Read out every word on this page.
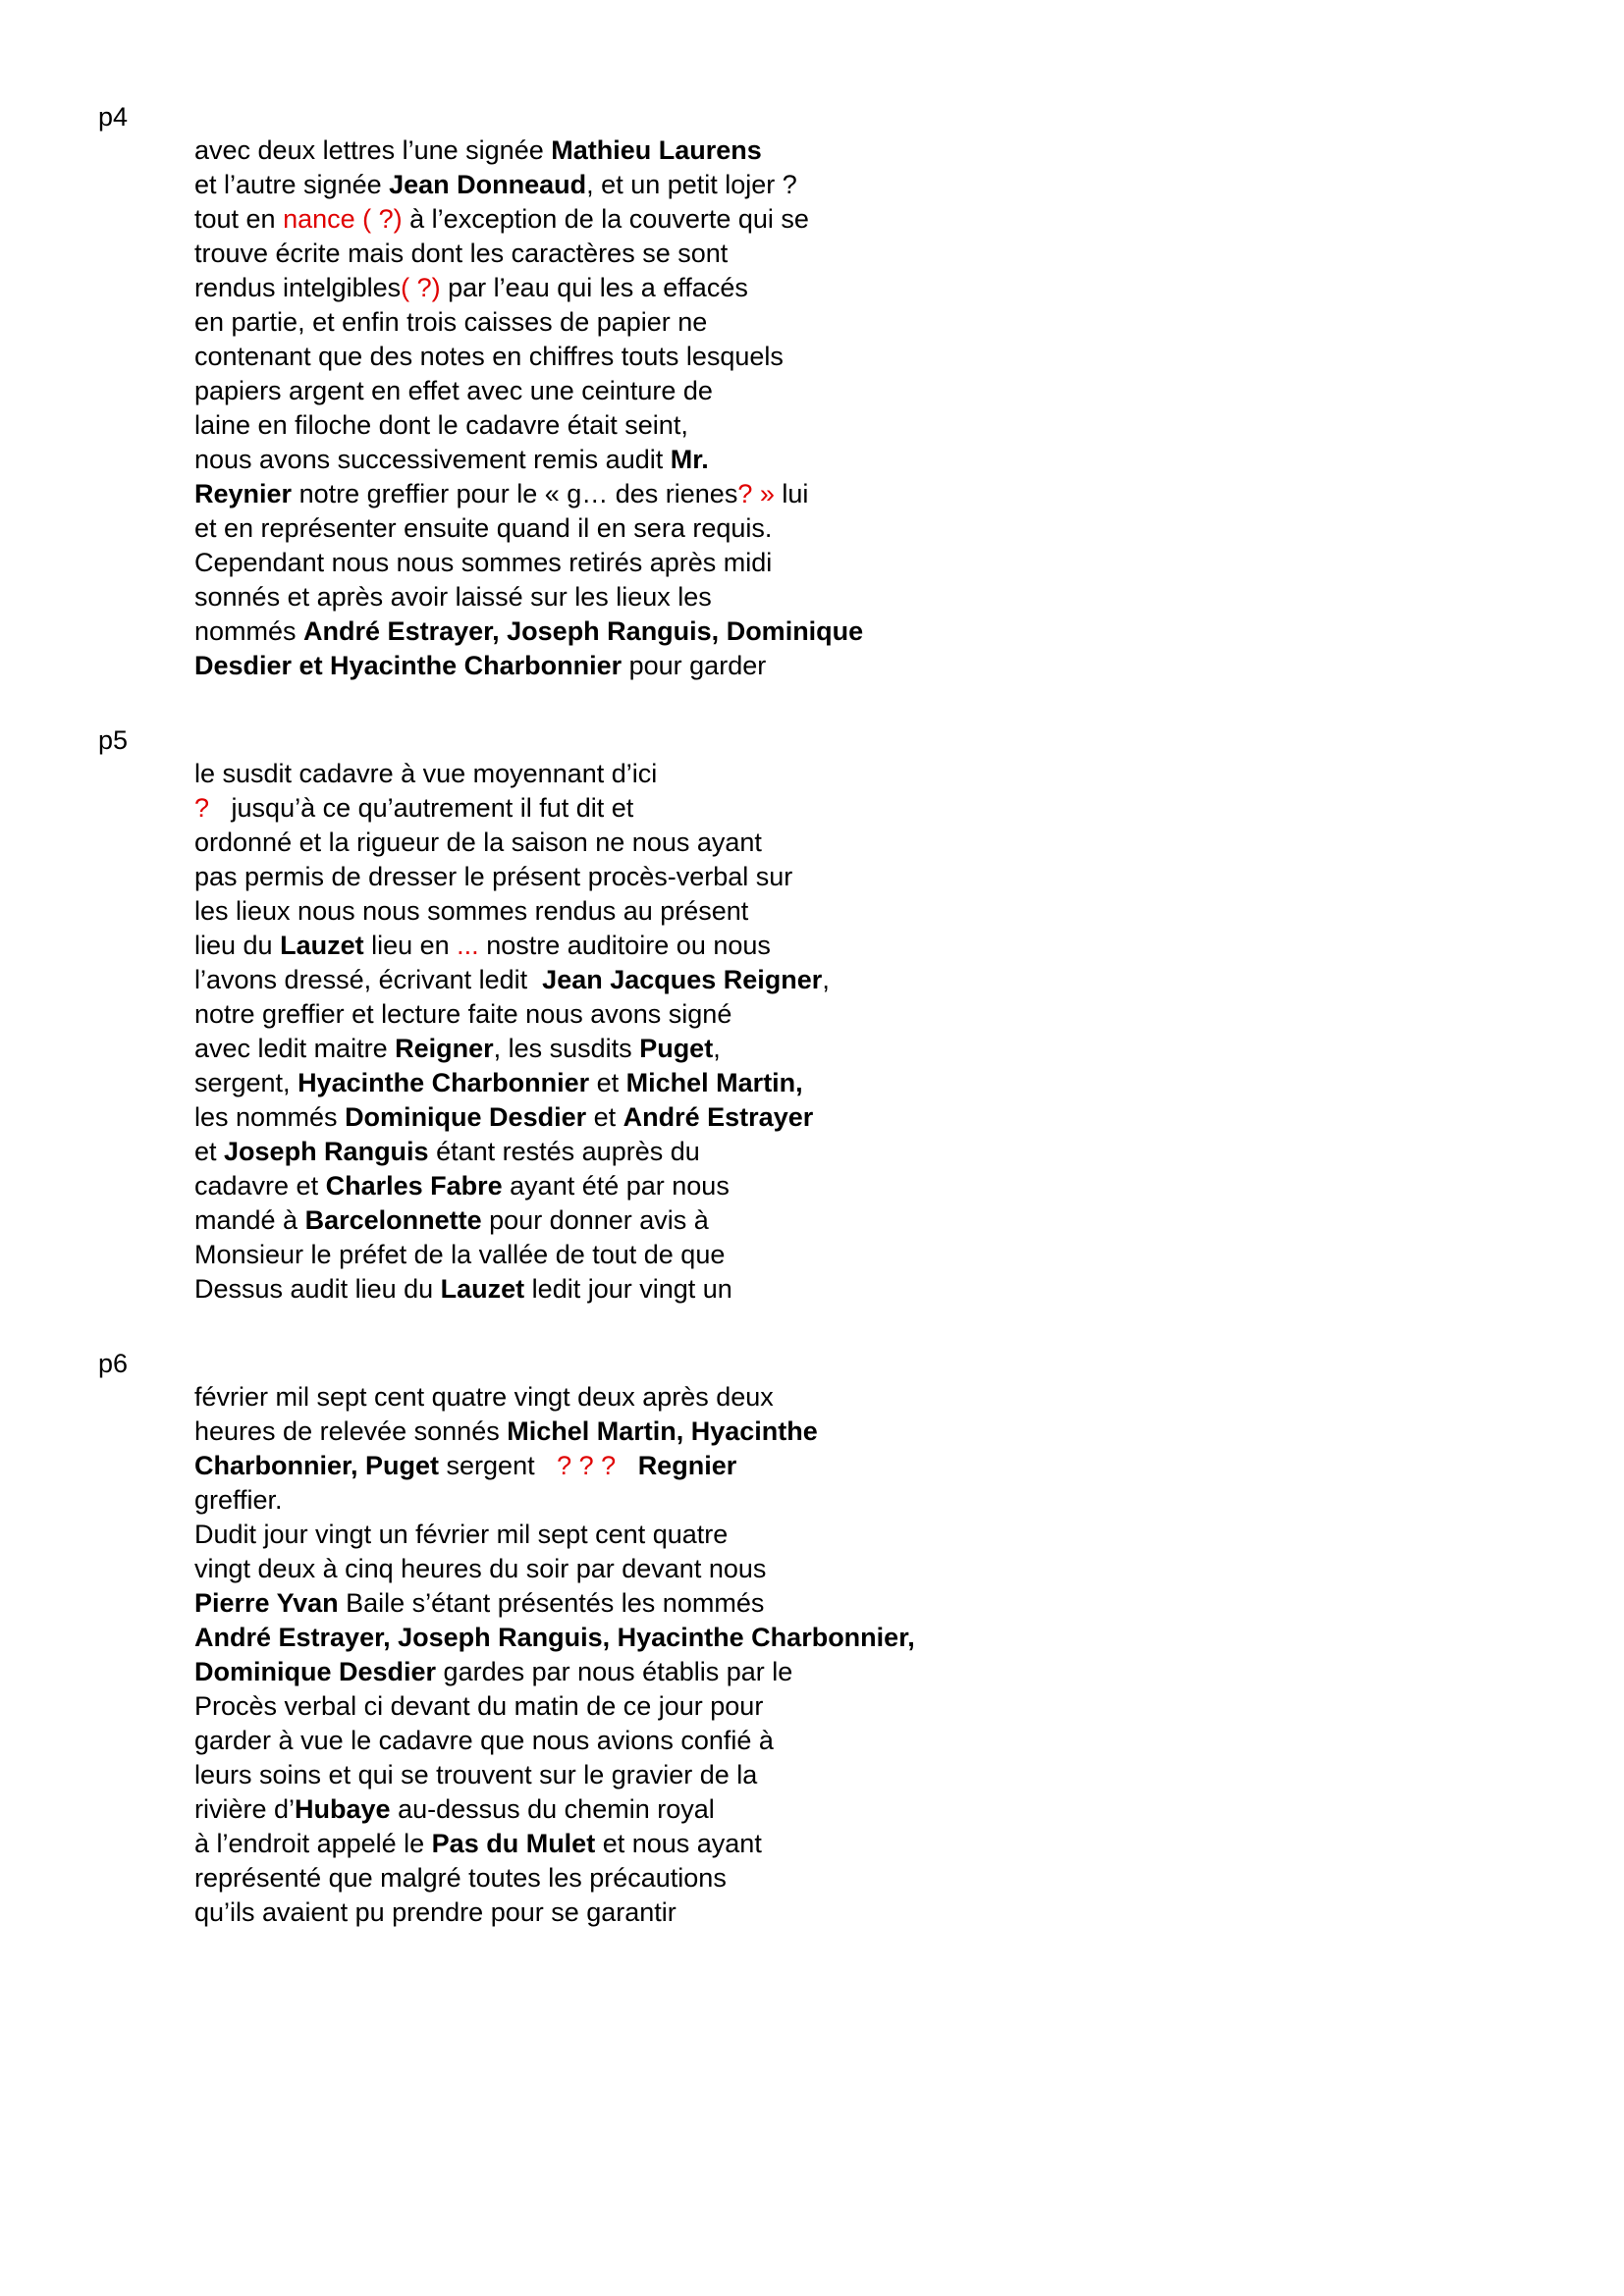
p4
avec deux lettres l’une signée Mathieu Laurens
et l’autre signée Jean Donneaud, et un petit lojer ?
tout en nance ( ?) à l’exception de la couverte qui se
trouve écrite mais dont les caractères se sont
rendus intelgibles( ?) par l’eau qui les a effacés
en partie, et enfin trois caisses de papier ne
contenant que des notes en chiffres touts lesquels
papiers argent en effet avec une ceinture de
laine en filoche dont le cadavre était seint,
nous avons successivement remis audit Mr.
Reynier notre greffier pour le « g… des rienes? » lui
et en représenter ensuite quand il en sera requis.
Cependant nous nous sommes retirés après midi
sonnés et après avoir laissé sur les lieux les
nommés André Estrayer, Joseph Ranguis, Dominique
Desdier et Hyacinthe Charbonnier pour garder
p5
le susdit cadavre à vue moyennant d’ici
?   jusqu’à ce qu’autrement il fut dit et
ordonné et la rigueur de la saison ne nous ayant
pas permis de dresser le présent procès-verbal sur
les lieux nous nous sommes rendus au présent
lieu du Lauzet lieu en ... nostre auditoire ou nous
l’avons dressé, écrivant ledit  Jean Jacques Reigner,
notre greffier et lecture faite nous avons signé
avec ledit maitre Reigner, les susdits Puget,
sergent, Hyacinthe Charbonnier et Michel Martin,
les nommés Dominique Desdier et André Estrayer
et Joseph Ranguis étant restés auprès du
cadavre et Charles Fabre ayant été par nous
mandé à Barcelonnette pour donner avis à
Monsieur le préfet de la vallée de tout de que
Dessus audit lieu du Lauzet ledit jour vingt un
p6
février mil sept cent quatre vingt deux après deux
heures de relevée sonnés Michel Martin, Hyacinthe
Charbonnier, Puget sergent   ? ? ? Regnier
greffier.
Dudit jour vingt un février mil sept cent quatre
vingt deux à cinq heures du soir par devant nous
Pierre Yvan Baile s’étant présentés les nommés
André Estrayer, Joseph Ranguis, Hyacinthe Charbonnier,
Dominique Desdier gardes par nous établis par le
Procès verbal ci devant du matin de ce jour pour
garder à vue le cadavre que nous avions confié à
leurs soins et qui se trouvent sur le gravier de la
rivière d’Hubaye au-dessus du chemin royal
à l’endroit appelé le Pas du Mulet et nous ayant
représenté que malgré toutes les précautions
qu’ils avaient pu prendre pour se garantir
